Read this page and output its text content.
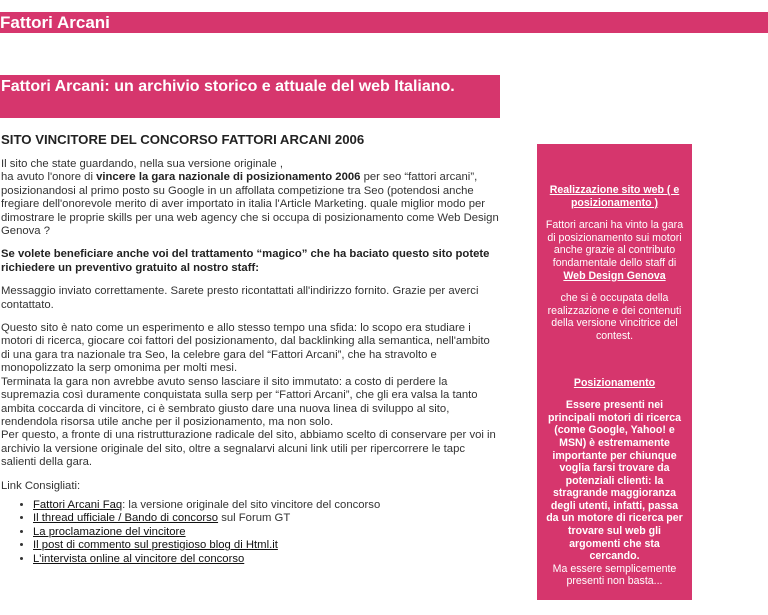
Fattori Arcani
Fattori Arcani: un archivio storico e attuale del web Italiano.
SITO VINCITORE DEL CONCORSO FATTORI ARCANI 2006

Il sito che state guardando, nella sua versione originale ,
ha avuto l'onore di vincere la gara nazionale di posizionamento 2006 per seo “fattori arcani”, posizionandosi al primo posto su Google in un affollata competizione tra Seo (potendosi anche fregiare dell'onorevole merito di aver importato in italia l'Article Marketing. quale miglior modo per dimostrare le proprie skills per una web agency che si occupa di posizionamento come Web Design Genova ?

Se volete beneficiare anche voi del trattamento “magico” che ha baciato questo sito potete richiedere un preventivo gratuito al nostro staff:

Messaggio inviato correttamente. Sarete presto ricontattati all'indirizzo fornito. Grazie per averci contattato.

Questo sito è nato come un esperimento e allo stesso tempo una sfida: lo scopo era studiare i motori di ricerca, giocare coi fattori del posizionamento, dal backlinking alla semantica, nell'ambito di una gara tra nazionale tra Seo, la celebre gara del “Fattori Arcani”, che ha stravolto e monopolizzato la serp omonima per molti mesi.
Terminata la gara non avrebbe avuto senso lasciare il sito immutato: a costo di perdere la supremazia così duramente conquistata sulla serp per “Fattori Arcani”, che gli era valsa la tanto ambita coccarda di vincitore, ci è sembrato giusto dare una nuova linea di sviluppo al sito, rendendola risorsa utile anche per il posizionamento, ma non solo.
Per questo, a fronte di una ristrutturazione radicale del sito, abbiamo scelto di conservare per voi in archivio la versione originale del sito, oltre a segnalarvi alcuni link utili per ripercorrere le tapc salienti della gara.

Link Consigliati:

• Fattori Arcani Faq: la versione originale del sito vincitore del concorso
• Il thread ufficiale / Bando di concorso sul Forum GT
• La proclamazione del vincitore
• Il post di commento sul prestigioso blog di Html.it
• L'intervista online al vincitore del concorso

Realizzazione sito web ( e posizionamento )

Fattori arcani ha vinto la gara di posizionamento sui motori anche grazie al contributo fondamentale dello staff di Web Design Genova

che si è occupata della realizzazione e dei contenuti della versione vincitrice del contest.

Posizionamento

Essere presenti nei principali motori di ricerca (come Google, Yahoo! e MSN) è estremamente importante per chiunque voglia farsi trovare da potenziali clienti: la stragrande maggioranza degli utenti, infatti, passa da un motore di ricerca per trovare sul web gli argomenti che sta cercando.

Ma essere semplicemente presenti non basta...

Traduzioni inglese
